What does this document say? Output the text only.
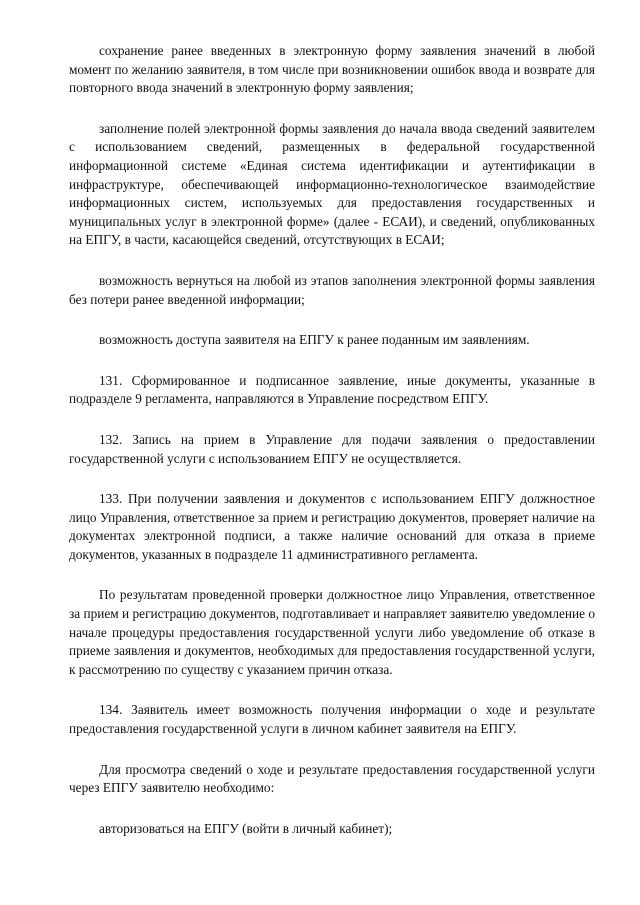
сохранение ранее введенных в электронную форму заявления значений в любой момент по желанию заявителя, в том числе при возникновении ошибок ввода и возврате для повторного ввода значений в электронную форму заявления;

заполнение полей электронной формы заявления до начала ввода сведений заявителем с использованием сведений, размещенных в федеральной государственной информационной системе «Единая система идентификации и аутентификации в инфраструктуре, обеспечивающей информационно-технологическое взаимодействие информационных систем, используемых для предоставления государственных и муниципальных услуг в электронной форме» (далее - ЕСАИ), и сведений, опубликованных на ЕПГУ, в части, касающейся сведений, отсутствующих в ЕСАИ;

возможность вернуться на любой из этапов заполнения электронной формы заявления без потери ранее введенной информации;

возможность доступа заявителя на ЕПГУ к ранее поданным им заявлениям.

131. Сформированное и подписанное заявление, иные документы, указанные в подразделе 9 регламента, направляются в Управление посредством ЕПГУ.

132. Запись на прием в Управление для подачи заявления о предоставлении государственной услуги с использованием ЕПГУ не осуществляется.

133. При получении заявления и документов с использованием ЕПГУ должностное лицо Управления, ответственное за прием и регистрацию документов, проверяет наличие на документах электронной подписи, а также наличие оснований для отказа в приеме документов, указанных в подразделе 11 административного регламента.

По результатам проведенной проверки должностное лицо Управления, ответственное за прием и регистрацию документов, подготавливает и направляет заявителю уведомление о начале процедуры предоставления государственной услуги либо уведомление об отказе в приеме заявления и документов, необходимых для предоставления государственной услуги, к рассмотрению по существу с указанием причин отказа.

134. Заявитель имеет возможность получения информации о ходе и результате предоставления государственной услуги в личном кабинет заявителя на ЕПГУ.

Для просмотра сведений о ходе и результате предоставления государственной услуги через ЕПГУ заявителю необходимо:

авторизоваться на ЕПГУ (войти в личный кабинет);
